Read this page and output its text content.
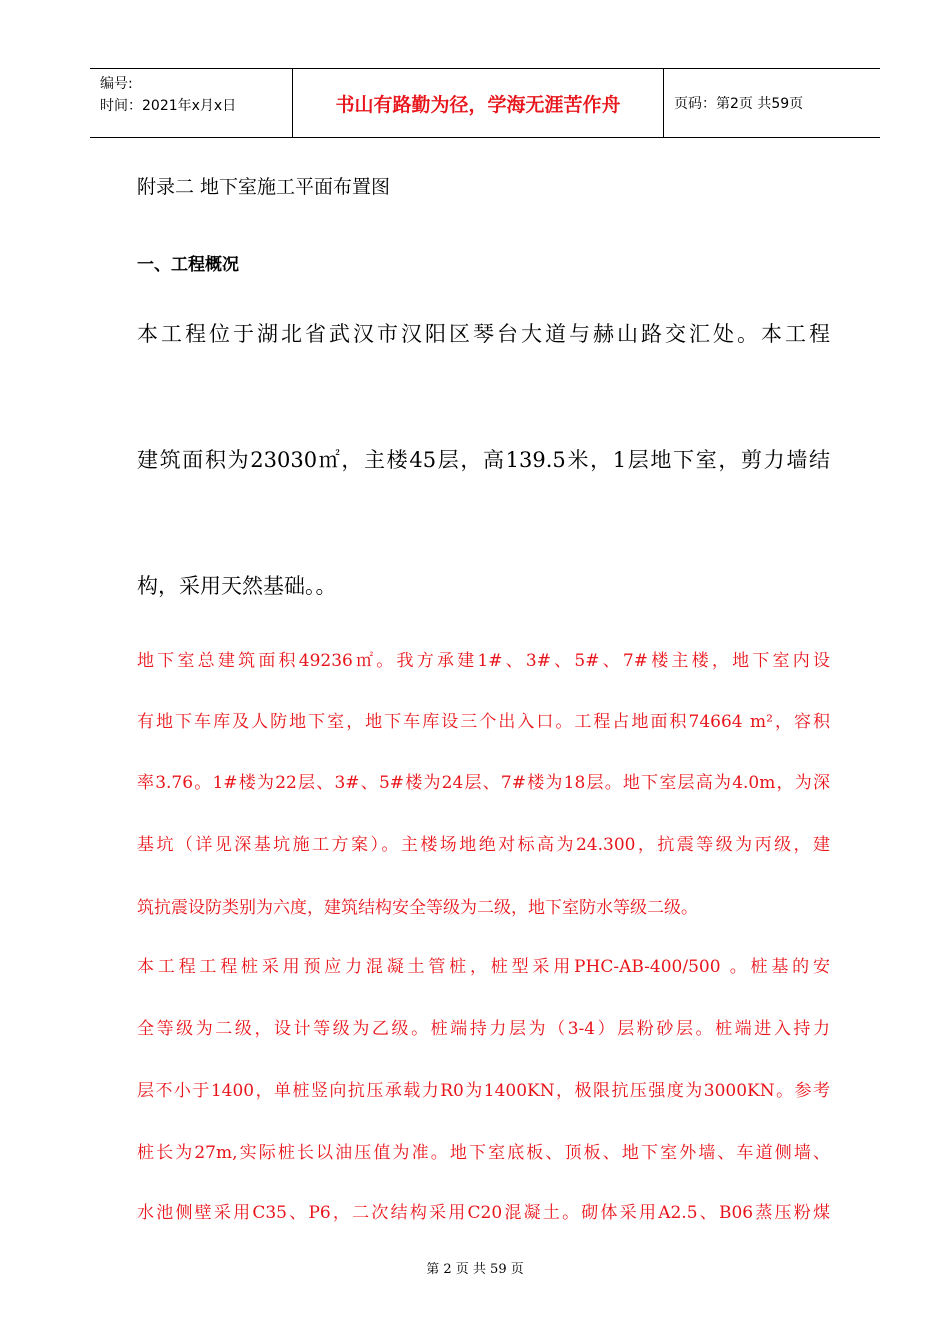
编号:
时间：2021年x月x日	书山有路勤为径，学海无涯苦作舟	页码：第2页 共59页
附录二 地下室施工平面布置图
一、工程概况
本工程位于湖北省武汉市汉阳区琴台大道与赫山路交汇处。本工程
建筑面积为23030㎡，主楼45层，高139.5米，1层地下室，剪力墙结
构，采用天然基础。。
地下室总建筑面积49236㎡。我方承建1#、3#、5#、7#楼主楼，地下室内设
有地下车库及人防地下室，地下车库设三个出入口。工程占地面积74664 m²，容积
率3.76。1#楼为22层、3#、5#楼为24层、7#楼为18层。地下室层高为4.0m，为深
基坑（详见深基坑施工方案）。主楼场地绝对标高为24.300，抗震等级为丙级，建
筑抗震设防类别为六度，建筑结构安全等级为二级，地下室防水等级二级。
本工程工程桩采用预应力混凝土管桩，桩型采用PHC-AB-400/500 。桩基的安
全等级为二级，设计等级为乙级。桩端持力层为（3-4）层粉砂层。桩端进入持力
层不小于1400，单桩竖向抗压承载力R0为1400KN，极限抗压强度为3000KN。参考
桩长为27m,实际桩长以油压值为准。地下室底板、顶板、地下室外墙、车道侧墙、
水池侧壁采用C35、P6，二次结构采用C20混凝土。砌体采用A2.5、B06蒸压粉煤
第 2 页 共 59 页
